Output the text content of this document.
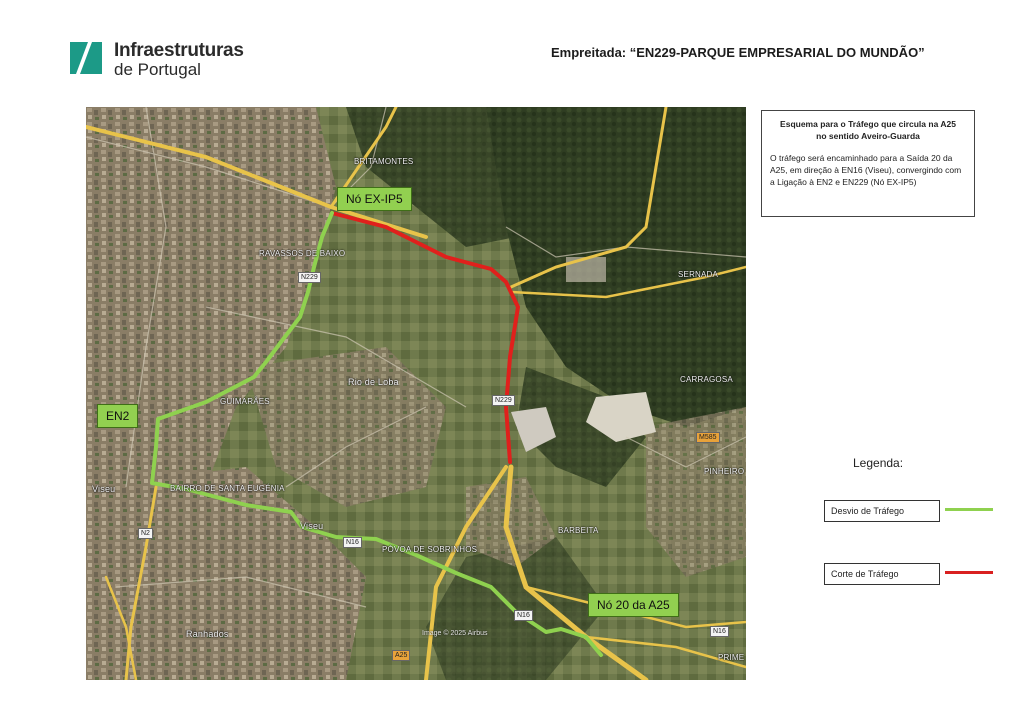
Infraestruturas
de Portugal
Empreitada: “EN229-PARQUE EMPRESARIAL DO MUNDÃO”
BRITAMONTES
RAVASSOS DE BAIXO
SERNADA
Rio de Loba	CARRAGOSA
GUIMARÃES
PINHEIRO
Viseu	BAIRRO DE SANTA EUGÉNIA
Viseu	BARBEITA
PÓVOA DE SOBRINHOS
Ranhados
PRIME
N229
N229
N2
N16
N16
N16
M585
A25
Nó EX-IP5
EN2
Nó 20 da A25
Image © 2025 Airbus
Esquema para o Tráfego que circula na A25
no sentido Aveiro-Guarda
O tráfego será encaminhado para a Saída 20 da A25, em direção à EN16 (Viseu), convergindo com a Ligação à EN2 e EN229 (Nó EX-IP5)
Legenda:
Desvio de Tráfego
Corte de Tráfego
